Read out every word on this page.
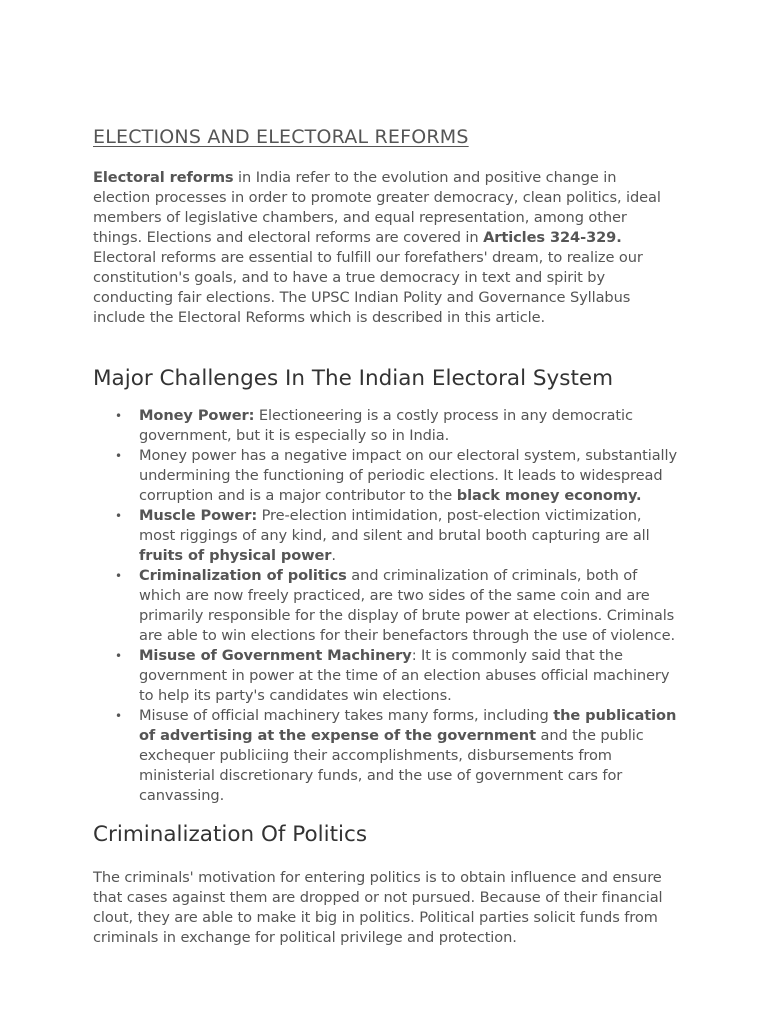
ELECTIONS AND ELECTORAL REFORMS

Electoral reforms in India refer to the evolution and positive change in election processes in order to promote greater democracy, clean politics, ideal members of legislative chambers, and equal representation, among other things. Elections and electoral reforms are covered in Articles 324-329. Electoral reforms are essential to fulfill our forefathers' dream, to realize our constitution's goals, and to have a true democracy in text and spirit by conducting fair elections. The UPSC Indian Polity and Governance Syllabus include the Electoral Reforms which is described in this article.

Major Challenges In The Indian Electoral System
• Money Power: Electioneering is a costly process in any democratic government, but it is especially so in India.
• Money power has a negative impact on our electoral system, substantially undermining the functioning of periodic elections. It leads to widespread corruption and is a major contributor to the black money economy.
• Muscle Power: Pre-election intimidation, post-election victimization, most riggings of any kind, and silent and brutal booth capturing are all fruits of physical power.
• Criminalization of politics and criminalization of criminals, both of which are now freely practiced, are two sides of the same coin and are primarily responsible for the display of brute power at elections. Criminals are able to win elections for their benefactors through the use of violence.
• Misuse of Government Machinery: It is commonly said that the government in power at the time of an election abuses official machinery to help its party's candidates win elections.
• Misuse of official machinery takes many forms, including the publication of advertising at the expense of the government and the public exchequer publiciing their accomplishments, disbursements from ministerial discretionary funds, and the use of government cars for canvassing.
Criminalization Of Politics

The criminals' motivation for entering politics is to obtain influence and ensure that cases against them are dropped or not pursued. Because of their financial clout, they are able to make it big in politics. Political parties solicit funds from criminals in exchange for political privilege and protection.
